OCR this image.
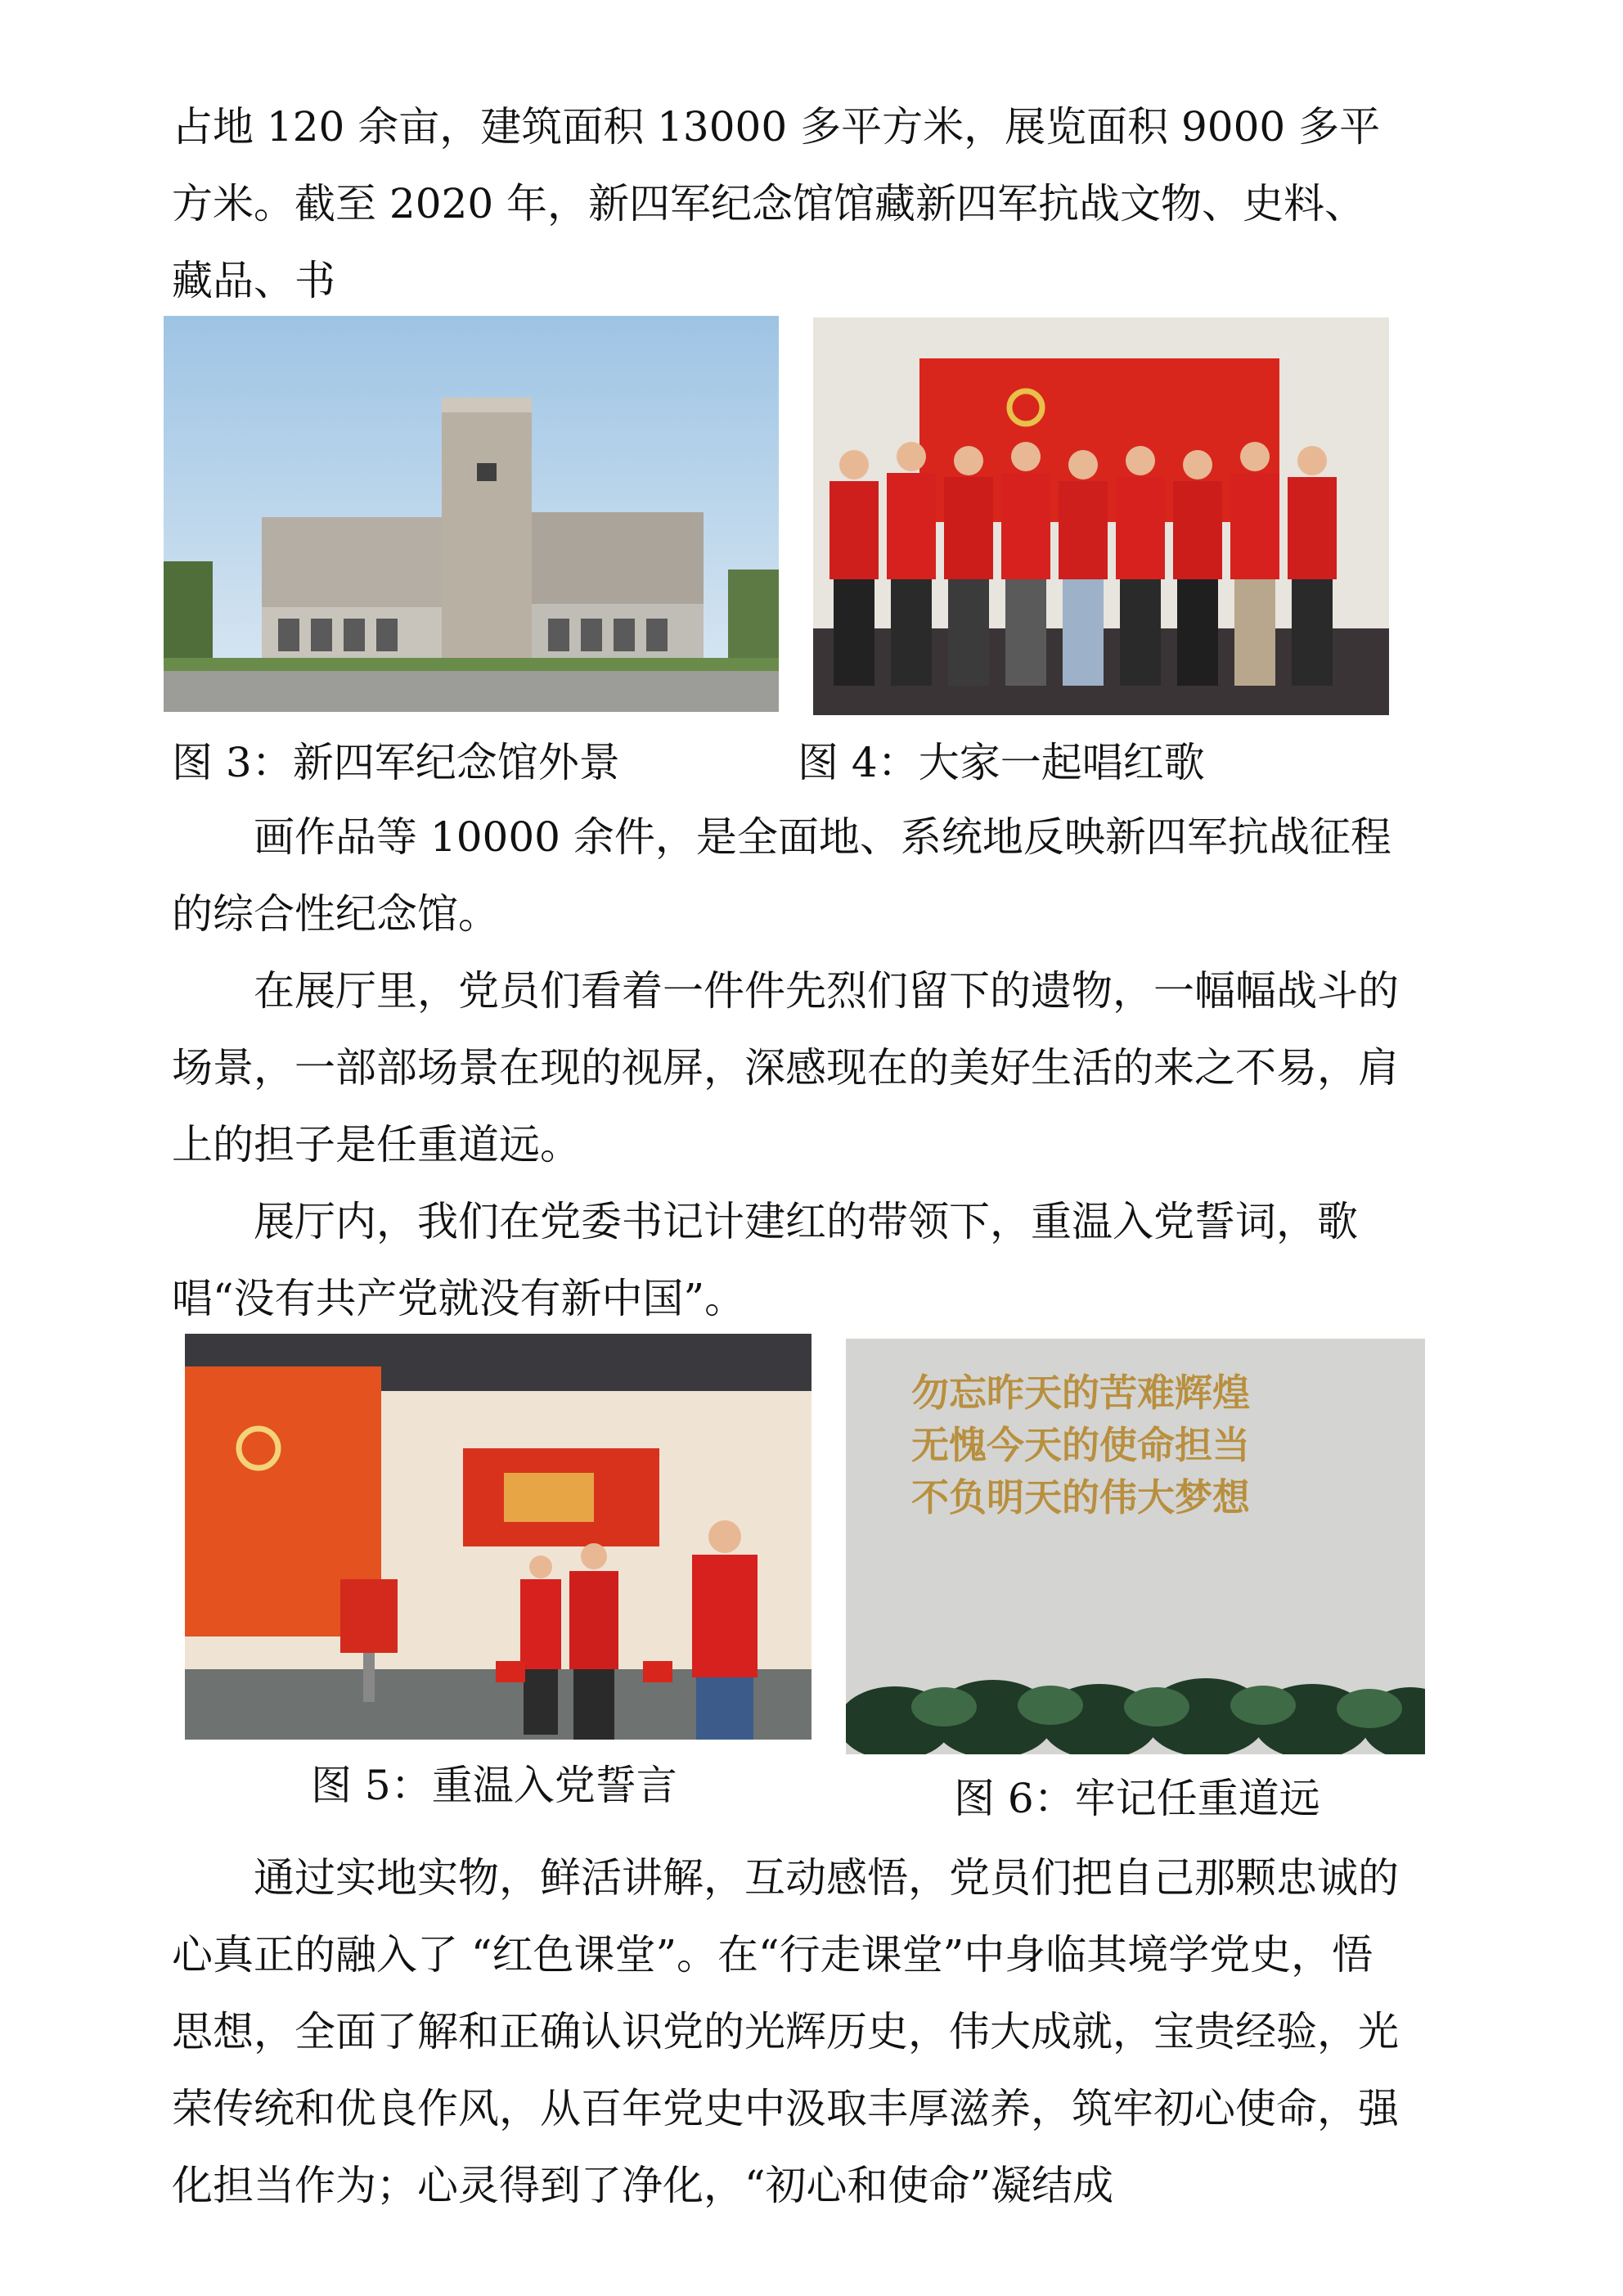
占地 120 余亩，建筑面积 13000 多平方米，展览面积 9000 多平方米。截至 2020 年，新四军纪念馆馆藏新四军抗战文物、史料、藏品、书

图 3：新四军纪念馆外景	图 4：大家一起唱红歌

　　画作品等 10000 余件，是全面地、系统地反映新四军抗战征程的综合性纪念馆。

　　在展厅里，党员们看着一件件先烈们留下的遗物，一幅幅战斗的场景，一部部场景在现的视屏，深感现在的美好生活的来之不易，肩上的担子是任重道远。

　　展厅内，我们在党委书记计建红的带领下，重温入党誓词，歌唱“没有共产党就没有新中国”。

勿忘昨天的苦难辉煌
无愧今天的使命担当
不负明天的伟大梦想
图 5：重温入党誓言	图 6：牢记任重道远

　　通过实地实物，鲜活讲解，互动感悟，党员们把自己那颗忠诚的心真正的融入了 “红色课堂”。在“行走课堂”中身临其境学党史，悟思想，全面了解和正确认识党的光辉历史，伟大成就，宝贵经验，光荣传统和优良作风，从百年党史中汲取丰厚滋养，筑牢初心使命，强化担当作为；心灵得到了净化，“初心和使命”凝结成
